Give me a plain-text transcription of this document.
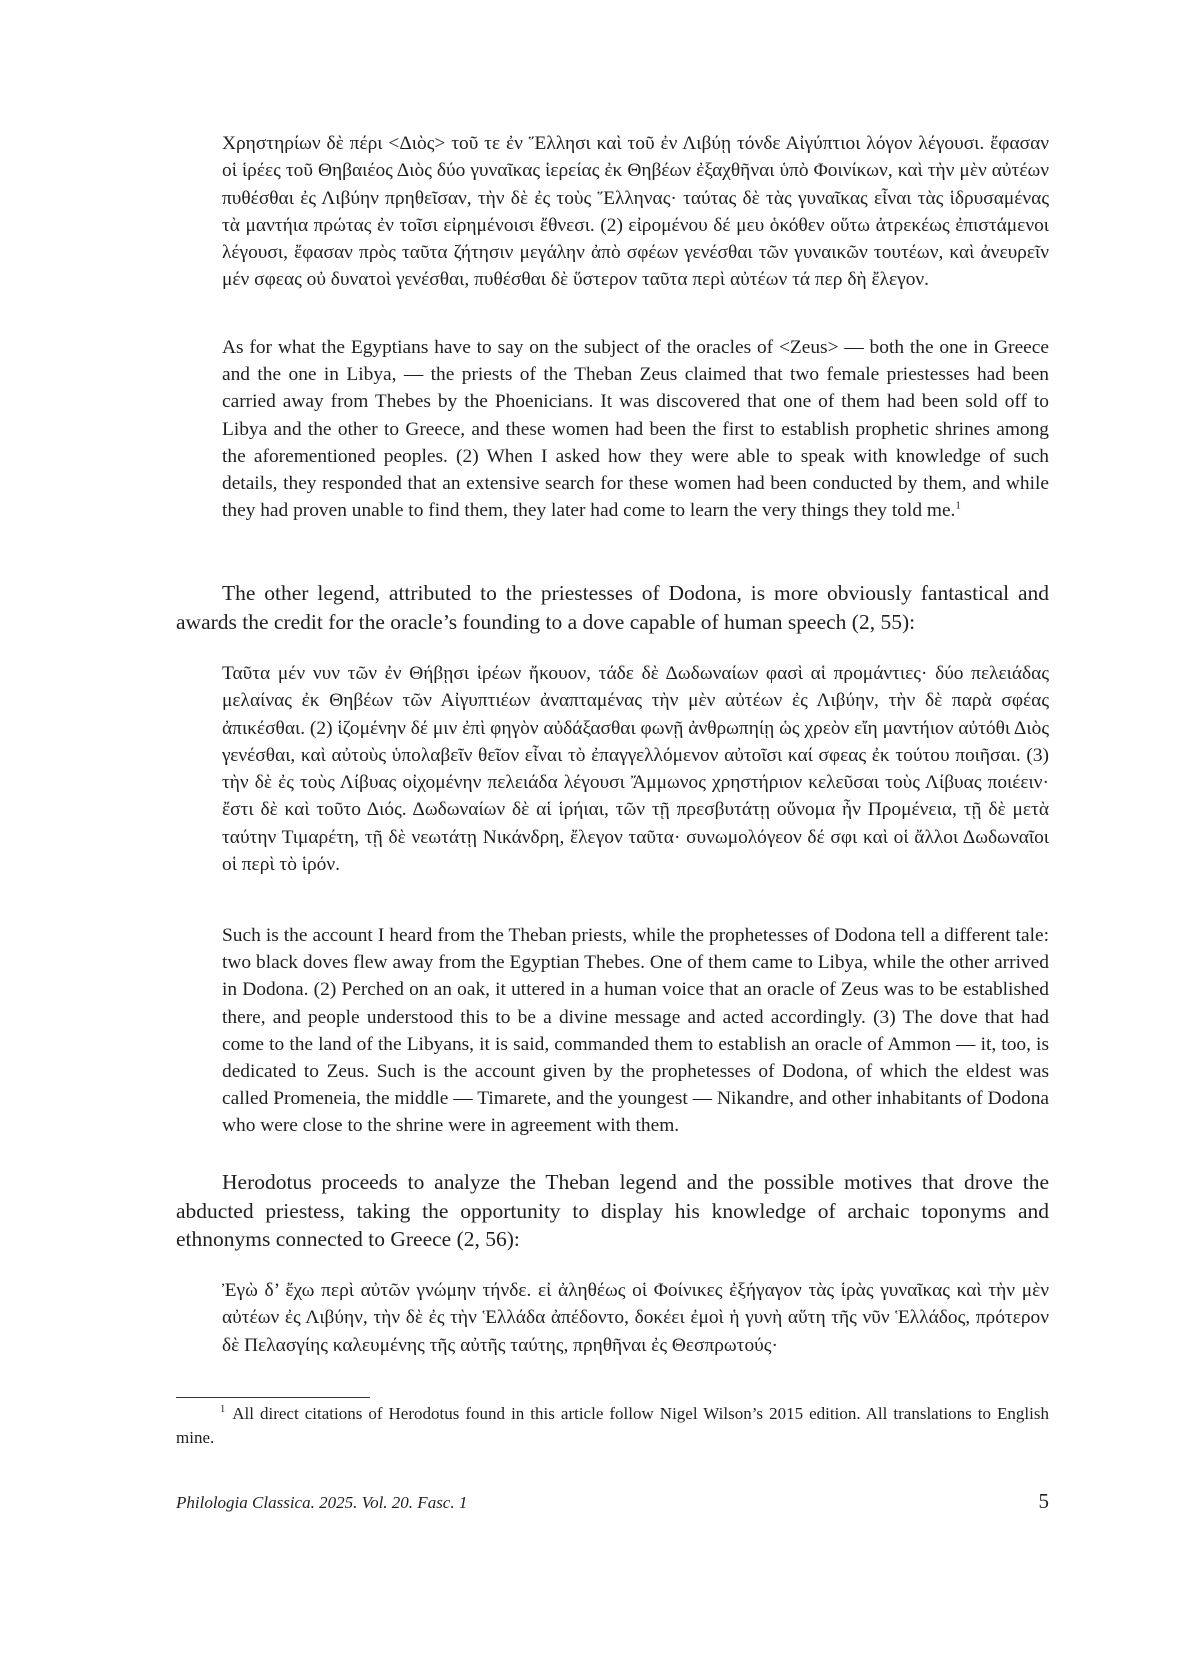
Χρηστηρίων δὲ πέρι <Διὸς> τοῦ τε ἐν Ἕλλησι καὶ τοῦ ἐν Λιβύῃ τόνδε Αἰγύπτιοι λόγον λέγουσι. ἔφασαν οἱ ἱρέες τοῦ Θηβαιέος Διὸς δύο γυναῖκας ἱερείας ἐκ Θηβέων ἐξαχθῆναι ὑπὸ Φοινίκων, καὶ τὴν μὲν αὐτέων πυθέσθαι ἐς Λιβύην πρηθεῖσαν, τὴν δὲ ἐς τοὺς Ἕλληνας· ταύτας δὲ τὰς γυναῖκας εἶναι τὰς ἱδρυσαμένας τὰ μαντήια πρώτας ἐν τοῖσι εἰρημένοισι ἔθνεσι. (2) εἰρομένου δέ μευ ὁκόθεν οὕτω ἀτρεκέως ἐπιστάμενοι λέγουσι, ἔφασαν πρὸς ταῦτα ζήτησιν μεγάλην ἀπὸ σφέων γενέσθαι τῶν γυναικῶν τουτέων, καὶ ἀνευρεῖν μέν σφεας οὐ δυνατοὶ γενέσθαι, πυθέσθαι δὲ ὕστερον ταῦτα περὶ αὐτέων τά περ δὴ ἔλεγον.

As for what the Egyptians have to say on the subject of the oracles of <Zeus> — both the one in Greece and the one in Libya, — the priests of the Theban Zeus claimed that two female priestesses had been carried away from Thebes by the Phoenicians. It was discovered that one of them had been sold off to Libya and the other to Greece, and these women had been the first to establish prophetic shrines among the aforementioned peoples. (2) When I asked how they were able to speak with knowledge of such details, they responded that an extensive search for these women had been conducted by them, and while they had proven unable to find them, they later had come to learn the very things they told me.$^1$

The other legend, attributed to the priestesses of Dodona, is more obviously fantastical and awards the credit for the oracle’s founding to a dove capable of human speech (2, 55):

Ταῦτα μέν νυν τῶν ἐν Θήβῃσι ἱρέων ἤκουον, τάδε δὲ Δωδωναίων φασὶ αἱ προμάντιες· δύο πελειάδας μελαίνας ἐκ Θηβέων τῶν Αἰγυπτιέων ἀναπταμένας τὴν μὲν αὐτέων ἐς Λιβύην, τὴν δὲ παρὰ σφέας ἀπικέσθαι. (2) ἱζομένην δέ μιν ἐπὶ φηγὸν αὐδάξασθαι φωνῇ ἀνθρωπηίῃ ὡς χρεὸν εἴη μαντήιον αὐτόθι Διὸς γενέσθαι, καὶ αὐτοὺς ὑπολαβεῖν θεῖον εἶναι τὸ ἐπαγγελλόμενον αὐτοῖσι καί σφεας ἐκ τούτου ποιῆσαι. (3) τὴν δὲ ἐς τοὺς Λίβυας οἰχομένην πελειάδα λέγουσι Ἄμμωνος χρηστήριον κελεῦσαι τοὺς Λίβυας ποιέειν· ἔστι δὲ καὶ τοῦτο Διός. Δωδωναίων δὲ αἱ ἱρήιαι, τῶν τῇ πρεσβυτάτῃ οὔνομα ἦν Προμένεια, τῇ δὲ μετὰ ταύτην Τιμαρέτη, τῇ δὲ νεωτάτῃ Νικάνδρη, ἔλεγον ταῦτα· συνωμολόγεον δέ σφι καὶ οἱ ἄλλοι Δωδωναῖοι οἱ περὶ τὸ ἱρόν.

Such is the account I heard from the Theban priests, while the prophetesses of Dodona tell a different tale: two black doves flew away from the Egyptian Thebes. One of them came to Libya, while the other arrived in Dodona. (2) Perched on an oak, it uttered in a human voice that an oracle of Zeus was to be established there, and people understood this to be a divine message and acted accordingly. (3) The dove that had come to the land of the Libyans, it is said, commanded them to establish an oracle of Ammon — it, too, is dedicated to Zeus. Such is the account given by the prophetesses of Dodona, of which the eldest was called Promeneia, the middle — Timarete, and the youngest — Nikandre, and other inhabitants of Dodona who were close to the shrine were in agreement with them.

Herodotus proceeds to analyze the Theban legend and the possible motives that drove the abducted priestess, taking the opportunity to display his knowledge of archaic toponyms and ethnonyms connected to Greece (2, 56):

Ἐγὼ δ’ ἔχω περὶ αὐτῶν γνώμην τήνδε. εἰ ἀληθέως οἱ Φοίνικες ἐξήγαγον τὰς ἱρὰς γυναῖκας καὶ τὴν μὲν αὐτέων ἐς Λιβύην, τὴν δὲ ἐς τὴν Ἑλλάδα ἀπέδοντο, δοκέει ἐμοὶ ἡ γυνὴ αὕτη τῆς νῦν Ἑλλάδος, πρότερον δὲ Πελασγίης καλευμένης τῆς αὐτῆς ταύτης, πρηθῆναι ἐς Θεσπρωτούς·

$^1$ All direct citations of Herodotus found in this article follow Nigel Wilson’s 2015 edition. All translations to English mine.

Philologia Classica. 2025. Vol. 20. Fasc. 1	5
